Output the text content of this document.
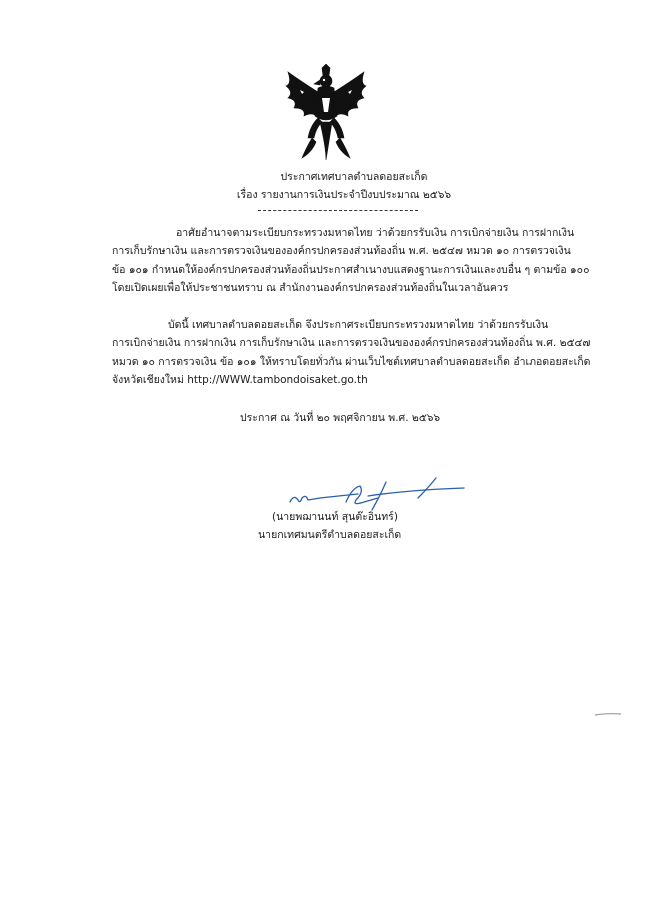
ประกาศเทศบาลตำบลดอยสะเก็ด
เรื่อง รายงานการเงินประจำปีงบประมาณ ๒๕๖๖
อาศัยอำนาจตามระเบียบกระทรวงมหาดไทย ว่าด้วยกรรับเงิน การเบิกจ่ายเงิน การฝากเงิน
การเก็บรักษาเงิน และการตรวจเงินขององค์กรปกครองส่วนท้องถิ่น พ.ศ. ๒๕๔๗ หมวด ๑๐ การตรวจเงิน
ข้อ ๑๐๑ กำหนดให้องค์กรปกครองส่วนท้องถิ่นประกาศสำเนางบแสดงฐานะการเงินและงบอื่น ๆ ตามข้อ ๑๐๐
โดยเปิดเผยเพื่อให้ประชาชนทราบ ณ สำนักงานองค์กรปกครองส่วนท้องถิ่นในเวลาอันควร
บัดนี้ เทศบาลตำบลดอยสะเก็ด จึงประกาศระเบียบกระทรวงมหาดไทย ว่าด้วยกรรับเงิน
การเบิกจ่ายเงิน การฝากเงิน การเก็บรักษาเงิน และการตรวจเงินขององค์กรปกครองส่วนท้องถิ่น พ.ศ. ๒๕๔๗
หมวด ๑๐ การตรวจเงิน ข้อ ๑๐๑ ให้ทราบโดยทั่วกัน ผ่านเว็บไซต์เทศบาลตำบลดอยสะเก็ด อำเภอดอยสะเก็ด
จังหวัดเชียงใหม่ http://WWW.tambondoisaket.go.th
ประกาศ ณ วันที่ ๒๐ พฤศจิกายน พ.ศ. ๒๕๖๖
(นายพฌานนท์ สุนต๊ะอินทร์)
นายกเทศมนตรีตำบลดอยสะเก็ด
